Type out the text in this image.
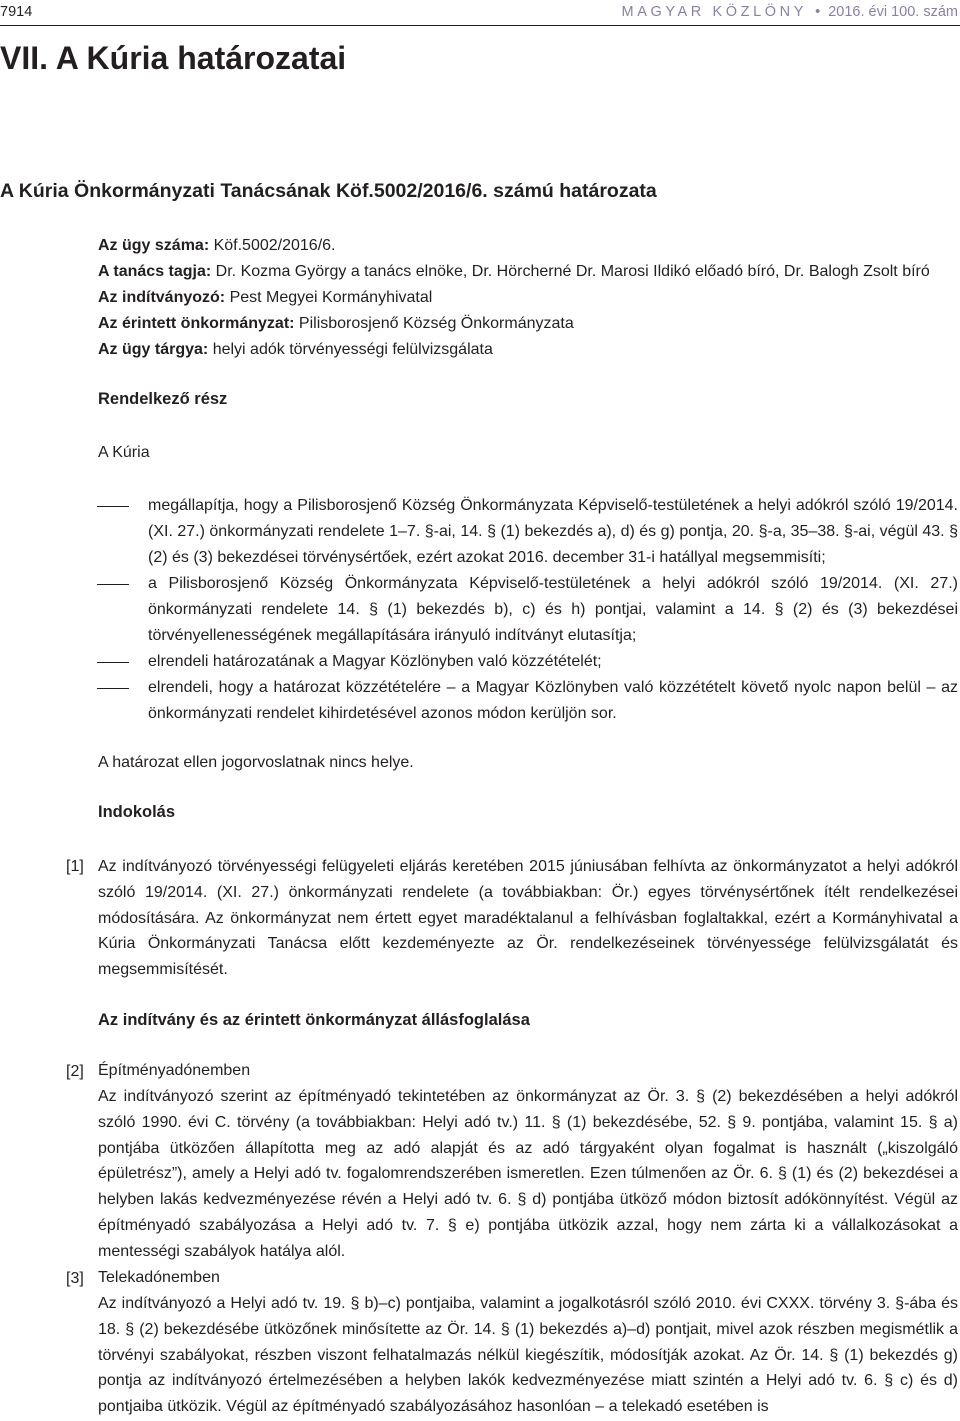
7914	MAGYAR KÖZLÖNY  •  2016. évi 100. szám
VII. A Kúria határozatai
A Kúria Önkormányzati Tanácsának Köf.5002/2016/6. számú határozata
Az ügy száma: Köf.5002/2016/6.
A tanács tagja: Dr. Kozma György a tanács elnöke, Dr. Hörcherné Dr. Marosi Ildikó előadó bíró, Dr. Balogh Zsolt bíró
Az indítványozó: Pest Megyei Kormányhivatal
Az érintett önkormányzat: Pilisborosjenő Község Önkormányzata
Az ügy tárgya: helyi adók törvényességi felülvizsgálata
Rendelkező rész
A Kúria
megállapítja, hogy a Pilisborosjenő Község Önkormányzata Képviselő-testületének a helyi adókról szóló 19/2014. (XI. 27.) önkormányzati rendelete 1–7. §-ai, 14. § (1) bekezdés a), d) és g) pontja, 20. §-a, 35–38. §-ai, végül 43. § (2) és (3) bekezdései törvénysértőek, ezért azokat 2016. december 31-i hatállyal megsemmisíti;
a Pilisborosjenő Község Önkormányzata Képviselő-testületének a helyi adókról szóló 19/2014. (XI. 27.) önkormányzati rendelete 14. § (1) bekezdés b), c) és h) pontjai, valamint a 14. § (2) és (3) bekezdései törvényellenességének megállapítására irányuló indítványt elutasítja;
elrendeli határozatának a Magyar Közlönyben való közzétételét;
elrendeli, hogy a határozat közzétételére – a Magyar Közlönyben való közzétételt követő nyolc napon belül – az önkormányzati rendelet kihirdetésével azonos módon kerüljön sor.
A határozat ellen jogorvoslatnak nincs helye.
Indokolás
[1] Az indítványozó törvényességi felügyeleti eljárás keretében 2015 júniusában felhívta az önkormányzatot a helyi adókról szóló 19/2014. (XI. 27.) önkormányzati rendelete (a továbbiakban: Ör.) egyes törvénysértőnek ítélt rendelkezései módosítására. Az önkormányzat nem értett egyet maradéktalanul a felhívásban foglaltakkal, ezért a Kormányhivatal a Kúria Önkormányzati Tanácsa előtt kezdeményezte az Ör. rendelkezéseinek törvényessége felülvizsgálatát és megsemmisítését.
Az indítvány és az érintett önkormányzat állásfoglalása
[2] Építményadónemben
Az indítványozó szerint az építményadó tekintetében az önkormányzat az Ör. 3. § (2) bekezdésében a helyi adókról szóló 1990. évi C. törvény (a továbbiakban: Helyi adó tv.) 11. § (1) bekezdésébe, 52. § 9. pontjába, valamint 15. § a) pontjába ütközően állapította meg az adó alapját és az adó tárgyaként olyan fogalmat is használt („kiszolgáló épületrész”), amely a Helyi adó tv. fogalomrendszerében ismeretlen. Ezen túlmenően az Ör. 6. § (1) és (2) bekezdései a helyben lakás kedvezményezése révén a Helyi adó tv. 6. § d) pontjába ütköző módon biztosít adókönnyítést. Végül az építményadó szabályozása a Helyi adó tv. 7. § e) pontjába ütközik azzal, hogy nem zárta ki a vállalkozásokat a mentességi szabályok hatálya alól.
[3] Telekadónemben
Az indítványozó a Helyi adó tv. 19. § b)–c) pontjaiba, valamint a jogalkotásról szóló 2010. évi CXXX. törvény 3. §-ába és 18. § (2) bekezdésébe ütközőnek minősítette az Ör. 14. § (1) bekezdés a)–d) pontjait, mivel azok részben megismétlik a törvényi szabályokat, részben viszont felhatalmazás nélkül kiegészítik, módosítják azokat. Az Ör. 14. § (1) bekezdés g) pontja az indítványozó értelmezésében a helyben lakók kedvezményezése miatt szintén a Helyi adó tv. 6. § c) és d) pontjaiba ütközik. Végül az építményadó szabályozásához hasonlóan – a telekadó esetében is
